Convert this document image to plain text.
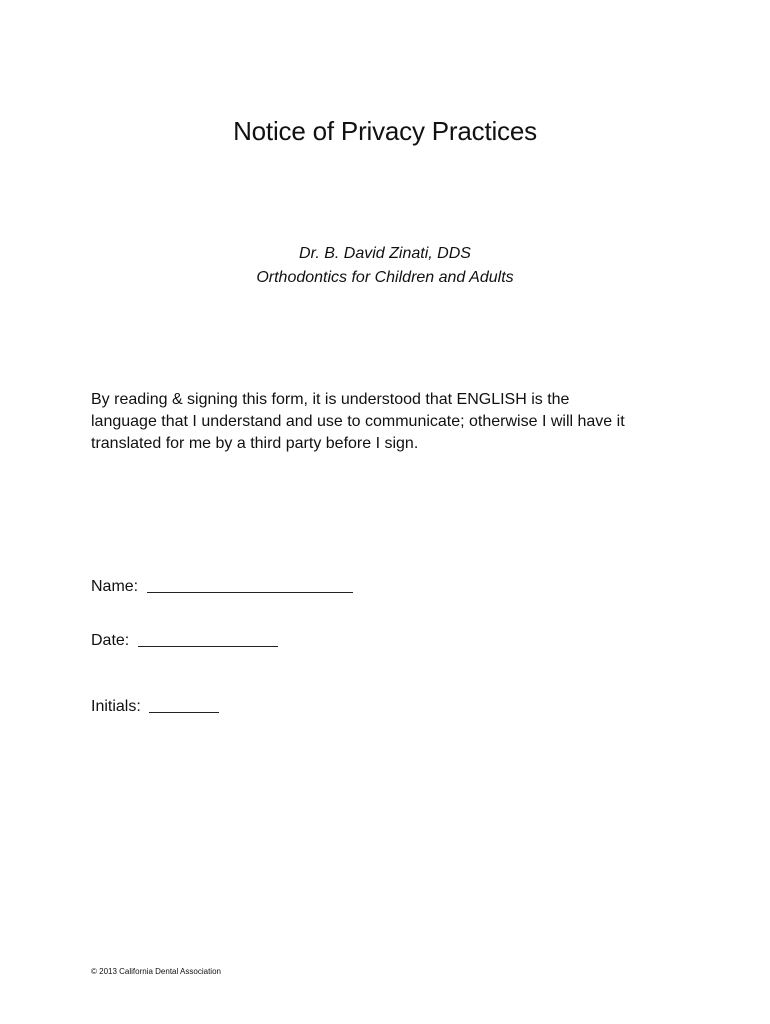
Notice of Privacy Practices
Dr. B. David Zinati, DDS
Orthodontics for Children and Adults

By reading & signing this form, it is understood that ENGLISH is the
language that I understand and use to communicate; otherwise I will have it
translated for me by a third party before I sign.

Name:
Date:
Initials:
© 2013 California Dental Association
